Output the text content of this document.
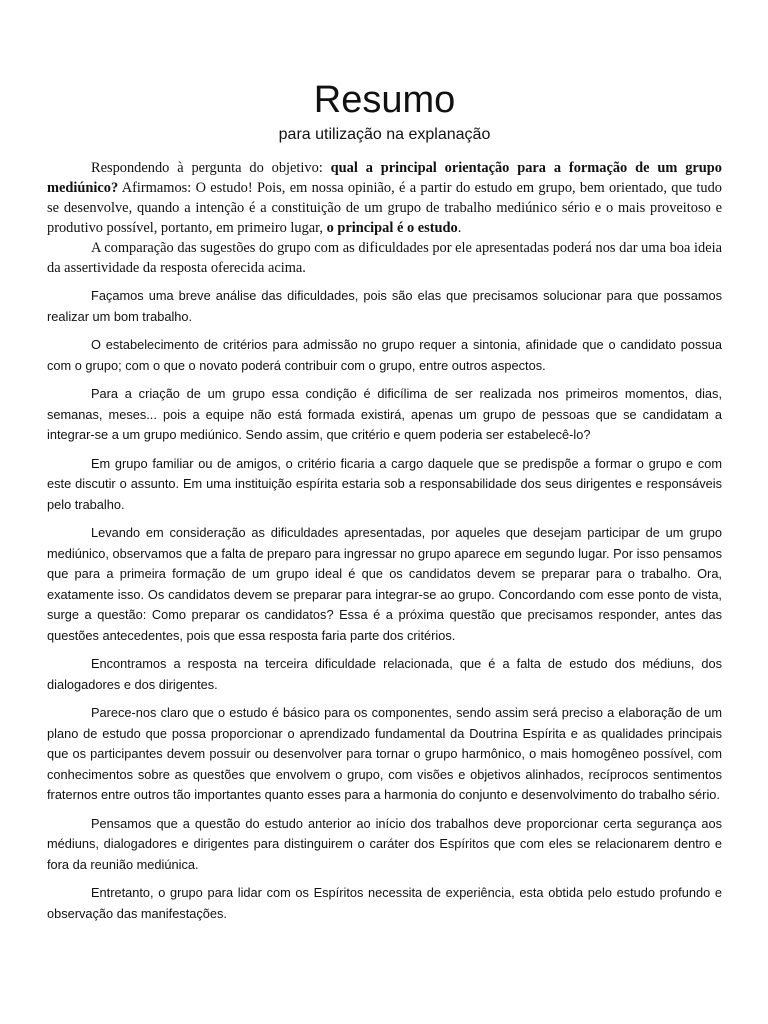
Resumo
para utilização na explanação

Respondendo à pergunta do objetivo: qual a principal orientação para a formação de um grupo mediúnico? Afirmamos: O estudo! Pois, em nossa opinião, é a partir do estudo em grupo, bem orientado, que tudo se desenvolve, quando a intenção é a constituição de um grupo de trabalho mediúnico sério e o mais proveitoso e produtivo possível, portanto, em primeiro lugar, o principal é o estudo.

A comparação das sugestões do grupo com as dificuldades por ele apresentadas poderá nos dar uma boa ideia da assertividade da resposta oferecida acima.

Façamos uma breve análise das dificuldades, pois são elas que precisamos solucionar para que possamos realizar um bom trabalho.

O estabelecimento de critérios para admissão no grupo requer a sintonia, afinidade que o candidato possua com o grupo; com o que o novato poderá contribuir com o grupo, entre outros aspectos.

Para a criação de um grupo essa condição é dificílima de ser realizada nos primeiros momentos, dias, semanas, meses... pois a equipe não está formada existirá, apenas um grupo de pessoas que se candidatam a integrar-se a um grupo mediúnico. Sendo assim, que critério e quem poderia ser estabelecê-lo?

Em grupo familiar ou de amigos, o critério ficaria a cargo daquele que se predispõe a formar o grupo e com este discutir o assunto. Em uma instituição espírita estaria sob a responsabilidade dos seus dirigentes e responsáveis pelo trabalho.

Levando em consideração as dificuldades apresentadas, por aqueles que desejam participar de um grupo mediúnico, observamos que a falta de preparo para ingressar no grupo aparece em segundo lugar. Por isso pensamos que para a primeira formação de um grupo ideal é que os candidatos devem se preparar para o trabalho. Ora, exatamente isso. Os candidatos devem se preparar para integrar-se ao grupo. Concordando com esse ponto de vista, surge a questão: Como preparar os candidatos? Essa é a próxima questão que precisamos responder, antes das questões antecedentes, pois que essa resposta faria parte dos critérios.

Encontramos a resposta na terceira dificuldade relacionada, que é a falta de estudo dos médiuns, dos dialogadores e dos dirigentes.

Parece-nos claro que o estudo é básico para os componentes, sendo assim será preciso a elaboração de um plano de estudo que possa proporcionar o aprendizado fundamental da Doutrina Espírita e as qualidades principais que os participantes devem possuir ou desenvolver para tornar o grupo harmônico, o mais homogêneo possível, com conhecimentos sobre as questões que envolvem o grupo, com visões e objetivos alinhados, recíprocos sentimentos fraternos entre outros tão importantes quanto esses para a harmonia do conjunto e desenvolvimento do trabalho sério.

Pensamos que a questão do estudo anterior ao início dos trabalhos deve proporcionar certa segurança aos médiuns, dialogadores e dirigentes para distinguirem o caráter dos Espíritos que com eles se relacionarem dentro e fora da reunião mediúnica.

Entretanto, o grupo para lidar com os Espíritos necessita de experiência, esta obtida pelo estudo profundo e observação das manifestações.
